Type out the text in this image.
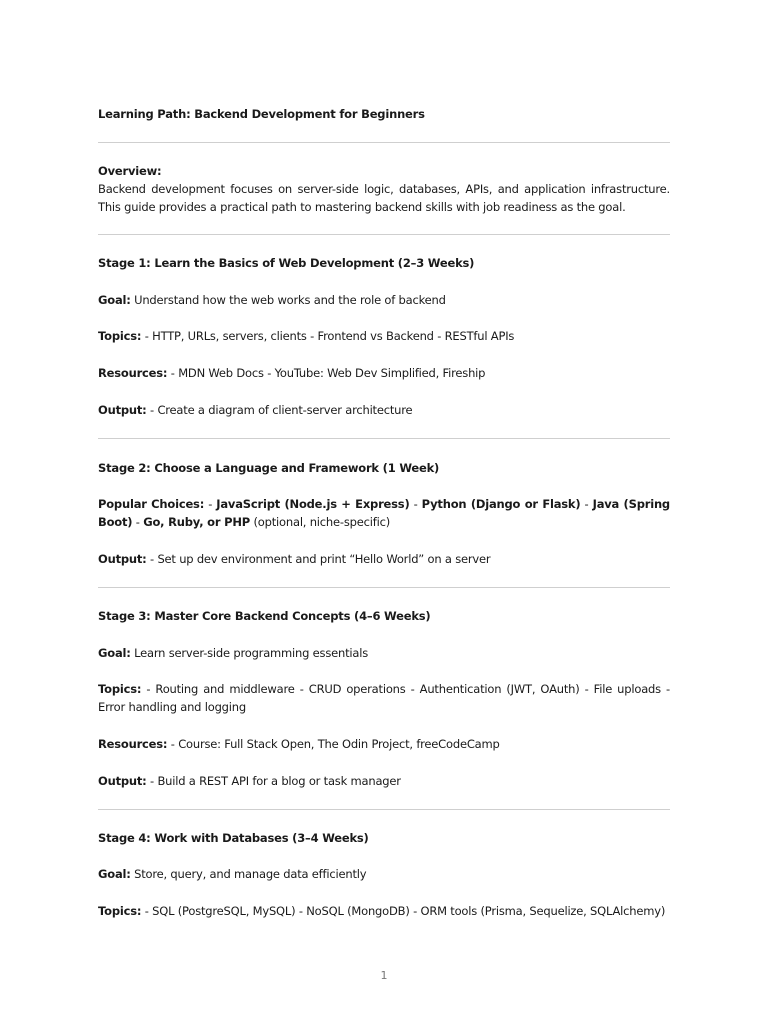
Learning Path: Backend Development for Beginners
Overview:
Backend development focuses on server-side logic, databases, APIs, and application infrastructure. This guide provides a practical path to mastering backend skills with job readiness as the goal.
Stage 1: Learn the Basics of Web Development (2–3 Weeks)
Goal: Understand how the web works and the role of backend
Topics: - HTTP, URLs, servers, clients - Frontend vs Backend - RESTful APIs
Resources: - MDN Web Docs - YouTube: Web Dev Simplified, Fireship
Output: - Create a diagram of client-server architecture
Stage 2: Choose a Language and Framework (1 Week)
Popular Choices: - JavaScript (Node.js + Express) - Python (Django or Flask) - Java (Spring Boot) - Go, Ruby, or PHP (optional, niche-specific)
Output: - Set up dev environment and print “Hello World” on a server
Stage 3: Master Core Backend Concepts (4–6 Weeks)
Goal: Learn server-side programming essentials
Topics: - Routing and middleware - CRUD operations - Authentication (JWT, OAuth) - File uploads - Error handling and logging
Resources: - Course: Full Stack Open, The Odin Project, freeCodeCamp
Output: - Build a REST API for a blog or task manager
Stage 4: Work with Databases (3–4 Weeks)
Goal: Store, query, and manage data efficiently
Topics: - SQL (PostgreSQL, MySQL) - NoSQL (MongoDB) - ORM tools (Prisma, Sequelize, SQLAlchemy)
1
